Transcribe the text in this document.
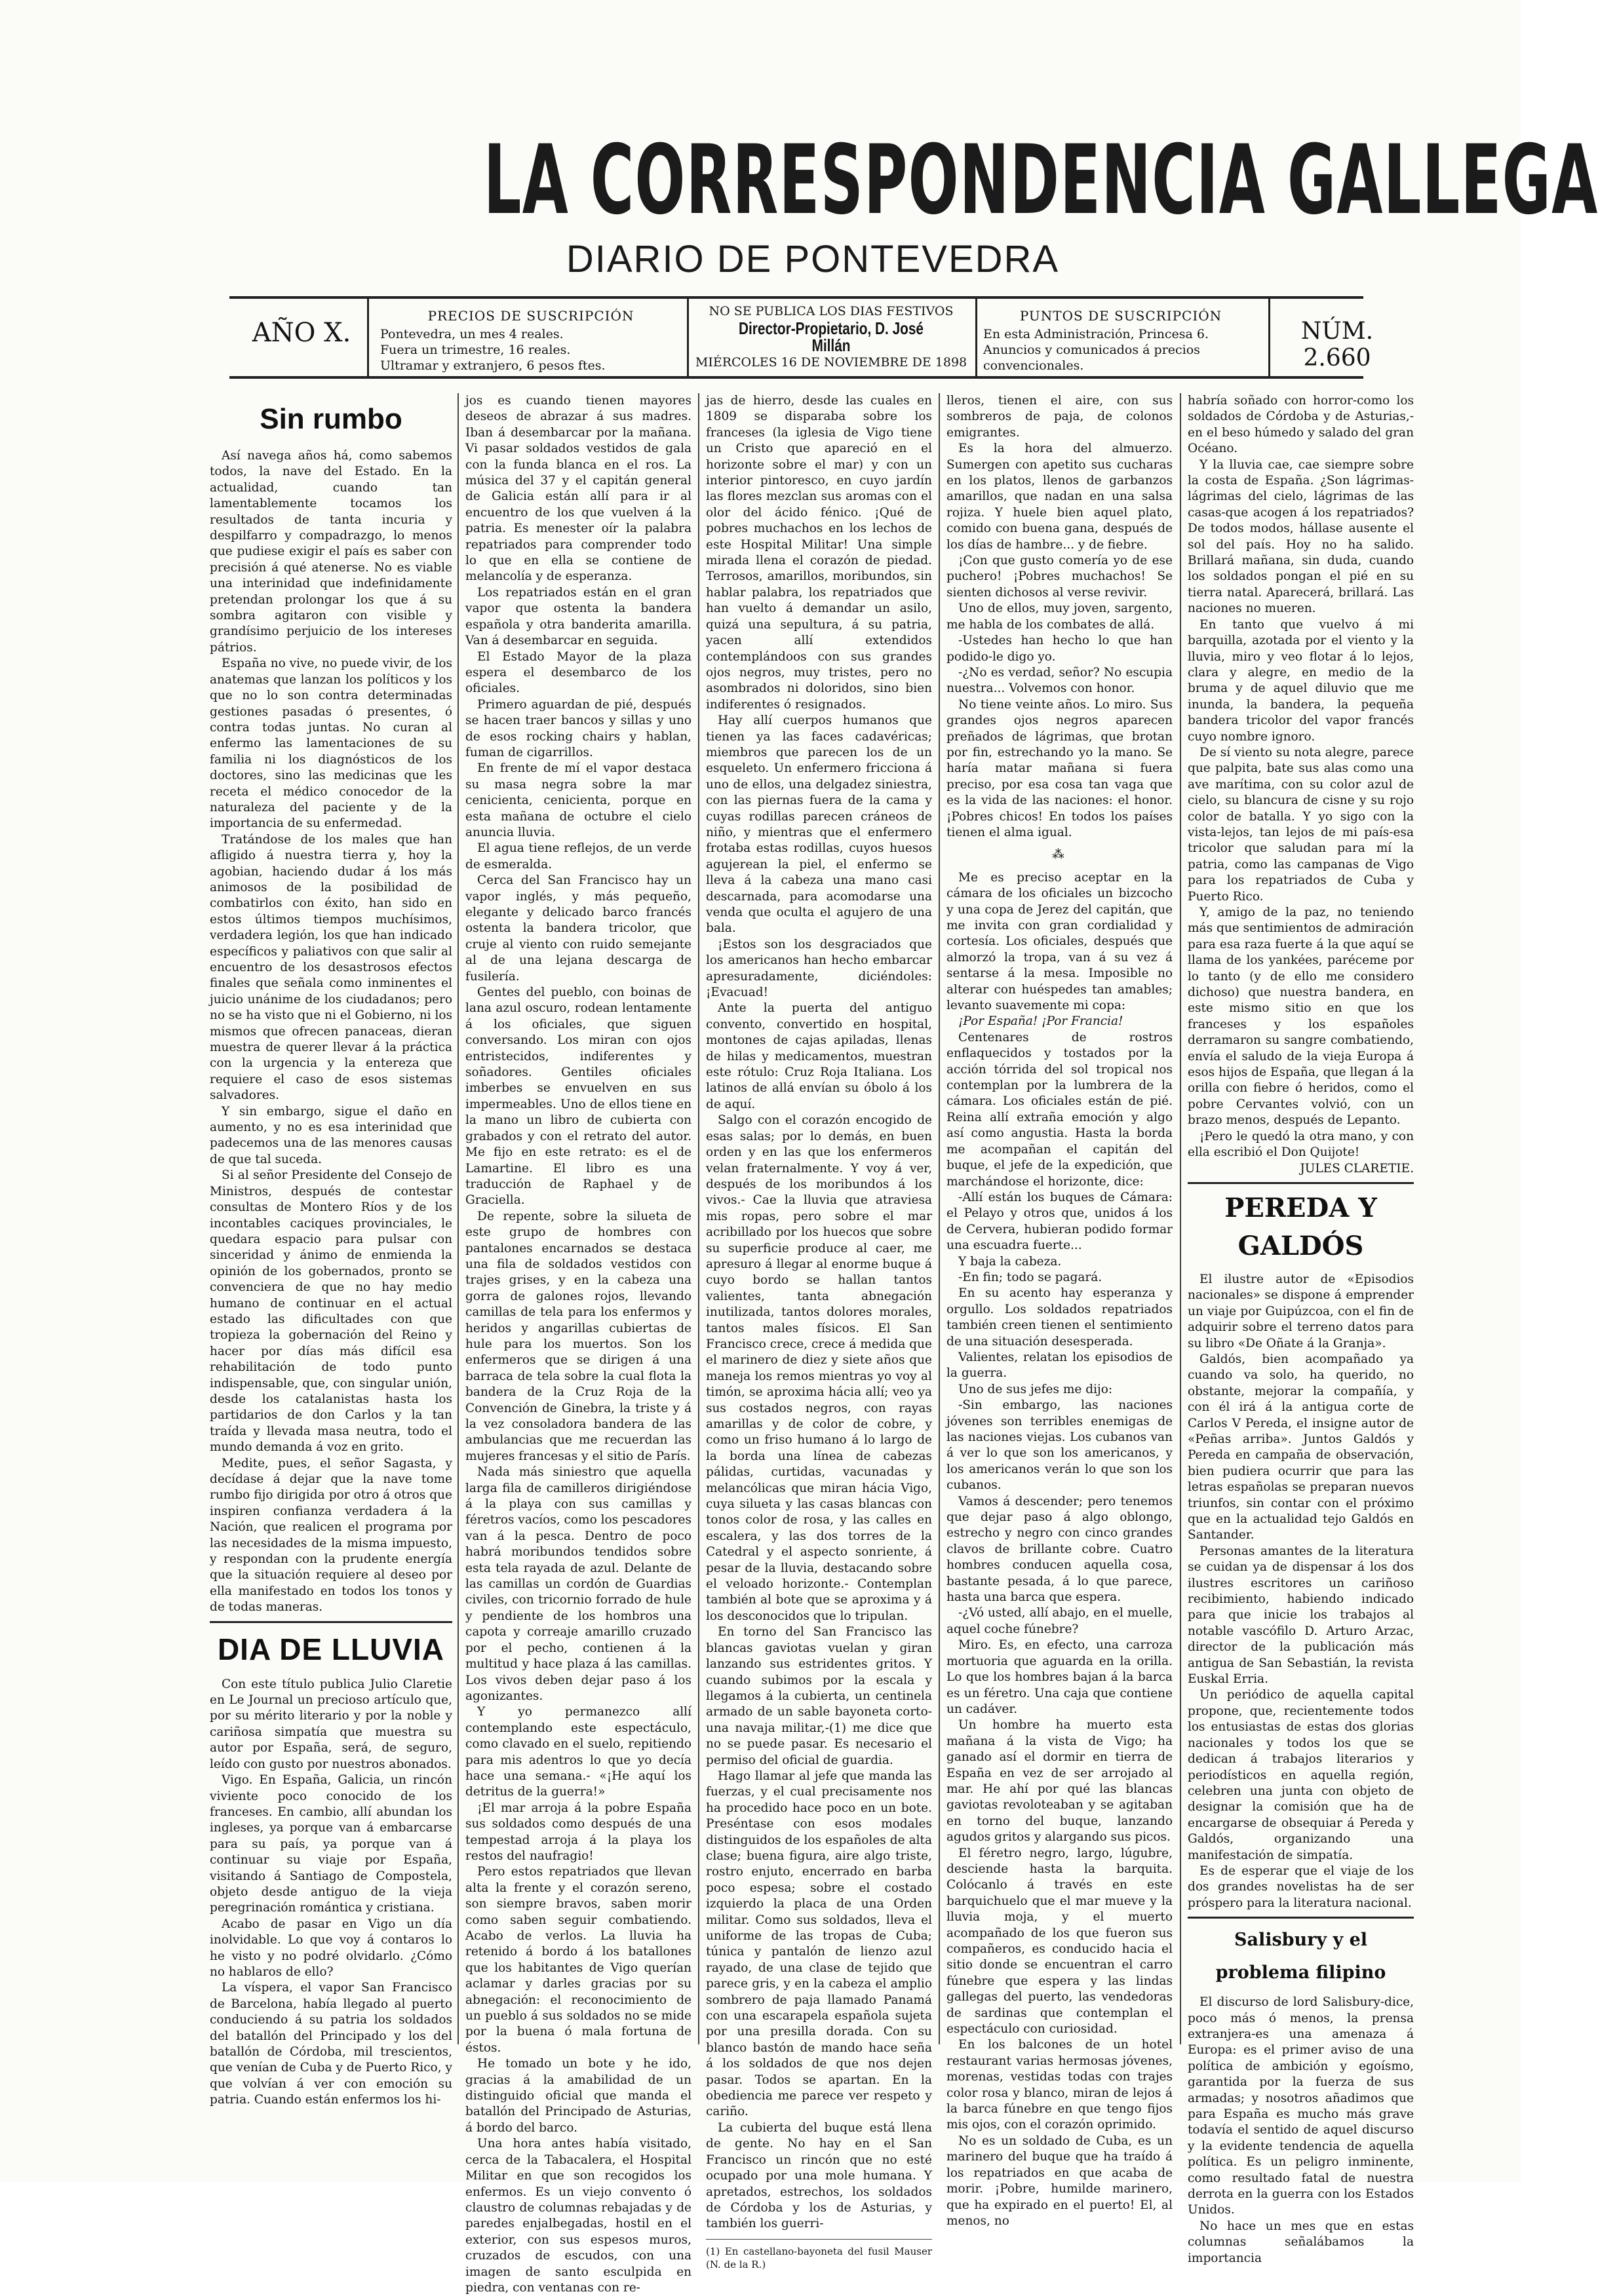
LA CORRESPONDENCIA GALLEGA
DIARIO DE PONTEVEDRA
AÑO X.
PRECIOS DE SUSCRIPCIÓN
Pontevedra, un mes 4 reales.
Fuera un trimestre, 16 reales.
Ultramar y extranjero, 6 pesos ftes.
NO SE PUBLICA LOS DIAS FESTIVOS
Director-Propietario, D. José Millán
MIÉRCOLES 16 DE NOVIEMBRE DE 1898
PUNTOS DE SUSCRIPCIÓN
En esta Administración, Princesa 6.
Anuncios y comunicados á precios convencionales.
NÚM. 2.660
Sin rumbo

Así navega años há, como sabemos todos, la nave del Estado. En la actualidad, cuando tan lamentablemente tocamos los resultados de tanta incuria y despilfarro y compadrazgo, lo menos que pudiese exigir el país es saber con precisión á qué atenerse. No es viable una interinidad que indefinidamente pretendan prolongar los que á su sombra agitaron con visible y grandísimo perjuicio de los intereses pátrios.

España no vive, no puede vivir, de los anatemas que lanzan los políticos y los que no lo son contra determinadas gestiones pasadas ó presentes, ó contra todas juntas. No curan al enfermo las lamentaciones de su familia ni los diagnósticos de los doctores, sino las medicinas que les receta el médico conocedor de la naturaleza del paciente y de la importancia de su enfermedad.

Tratándose de los males que han afligido á nuestra tierra y, hoy la agobian, haciendo dudar á los más animosos de la posibilidad de combatirlos con éxito, han sido en estos últimos tiempos muchísimos, verdadera legión, los que han indicado específicos y paliativos con que salir al encuentro de los desastrosos efectos finales que señala como inminentes el juicio unánime de los ciudadanos; pero no se ha visto que ni el Gobierno, ni los mismos que ofrecen panaceas, dieran muestra de querer llevar á la práctica con la urgencia y la entereza que requiere el caso de esos sistemas salvadores.

Y sin embargo, sigue el daño en aumento, y no es esa interinidad que padecemos una de las menores causas de que tal suceda.

Si al señor Presidente del Consejo de Ministros, después de contestar consultas de Montero Ríos y de los incontables caciques provinciales, le quedara espacio para pulsar con sinceridad y ánimo de enmienda la opinión de los gobernados, pronto se convenciera de que no hay medio humano de continuar en el actual estado las dificultades con que tropieza la gobernación del Reino y hacer por días más difícil esa rehabilitación de todo punto indispensable, que, con singular unión, desde los catalanistas hasta los partidarios de don Carlos y la tan traída y llevada masa neutra, todo el mundo demanda á voz en grito.

Medite, pues, el señor Sagasta, y decídase á dejar que la nave tome rumbo fijo dirigida por otro á otros que inspiren confianza verdadera á la Nación, que realicen el programa por las necesidades de la misma impuesto, y respondan con la prudente energía que la situación requiere al deseo por ella manifestado en todos los tonos y de todas maneras.

DIA DE LLUVIA

Con este título publica Julio Claretie en Le Journal un precioso artículo que, por su mérito literario y por la noble y cariñosa simpatía que muestra su autor por España, será, de seguro, leído con gusto por nuestros abonados.

Vigo. En España, Galicia, un rincón viviente poco conocido de los franceses. En cambio, allí abundan los ingleses, ya porque van á embarcarse para su país, ya porque van á continuar su viaje por España, visitando á Santiago de Compostela, objeto desde antiguo de la vieja peregrinación romántica y cristiana.

Acabo de pasar en Vigo un día inolvidable. Lo que voy á contaros lo he visto y no podré olvidarlo. ¿Cómo no hablaros de ello?

La víspera, el vapor San Francisco de Barcelona, había llegado al puerto conduciendo á su patria los soldados del batallón del Principado y los del batallón de Córdoba, mil trescientos, que venían de Cuba y de Puerto Rico, y que volvían á ver con emoción su patria. Cuando están enfermos los hi-

jos es cuando tienen mayores deseos de abrazar á sus madres. Iban á desembarcar por la mañana. Vi pasar soldados vestidos de gala con la funda blanca en el ros. La música del 37 y el capitán general de Galicia están allí para ir al encuentro de los que vuelven á la patria. Es menester oír la palabra repatriados para comprender todo lo que en ella se contiene de melancolía y de esperanza.

Los repatriados están en el gran vapor que ostenta la bandera española y otra banderita amarilla. Van á desembarcar en seguida.

El Estado Mayor de la plaza espera el desembarco de los oficiales.

Primero aguardan de pié, después se hacen traer bancos y sillas y uno de esos rocking chairs y hablan, fuman de cigarrillos.

En frente de mí el vapor destaca su masa negra sobre la mar cenicienta, cenicienta, porque en esta mañana de octubre el cielo anuncia lluvia.

El agua tiene reflejos, de un verde de esmeralda.

Cerca del San Francisco hay un vapor inglés, y más pequeño, elegante y delicado barco francés ostenta la bandera tricolor, que cruje al viento con ruido semejante al de una lejana descarga de fusilería.

Gentes del pueblo, con boinas de lana azul oscuro, rodean lentamente á los oficiales, que siguen conversando. Los miran con ojos entristecidos, indiferentes y soñadores. Gentiles oficiales imberbes se envuelven en sus impermeables. Uno de ellos tiene en la mano un libro de cubierta con grabados y con el retrato del autor. Me fijo en este retrato: es el de Lamartine. El libro es una traducción de Raphael y de Graciella.

De repente, sobre la silueta de este grupo de hombres con pantalones encarnados se destaca una fila de soldados vestidos con trajes grises, y en la cabeza una gorra de galones rojos, llevando camillas de tela para los enfermos y heridos y angarillas cubiertas de hule para los muertos. Son los enfermeros que se dirigen á una barraca de tela sobre la cual flota la bandera de la Cruz Roja de la Convención de Ginebra, la triste y á la vez consoladora bandera de las ambulancias que me recuerdan las mujeres francesas y el sitio de París.

Nada más siniestro que aquella larga fila de camilleros dirigiéndose á la playa con sus camillas y féretros vacíos, como los pescadores van á la pesca. Dentro de poco habrá moribundos tendidos sobre esta tela rayada de azul. Delante de las camillas un cordón de Guardias civiles, con tricornio forrado de hule y pendiente de los hombros una capota y correaje amarillo cruzado por el pecho, contienen á la multitud y hace plaza á las camillas. Los vivos deben dejar paso á los agonizantes.

Y yo permanezco allí contemplando este espectáculo, como clavado en el suelo, repitiendo para mis adentros lo que yo decía hace una semana.- «¡He aquí los detritus de la guerra!»

¡El mar arroja á la pobre España sus soldados como después de una tempestad arroja á la playa los restos del naufragio!

Pero estos repatriados que llevan alta la frente y el corazón sereno, son siempre bravos, saben morir como saben seguir combatiendo. Acabo de verlos. La lluvia ha retenido á bordo á los batallones que los habitantes de Vigo querían aclamar y darles gracias por su abnegación: el reconocimiento de un pueblo á sus soldados no se mide por la buena ó mala fortuna de éstos.

He tomado un bote y he ido, gracias á la amabilidad de un distinguido oficial que manda el batallón del Principado de Asturias, á bordo del barco.

Una hora antes había visitado, cerca de la Tabacalera, el Hospital Militar en que son recogidos los enfermos. Es un viejo convento ó claustro de columnas rebajadas y de paredes enjalbegadas, hostil en el exterior, con sus espesos muros, cruzados de escudos, con una imagen de santo esculpida en piedra, con ventanas con re-

jas de hierro, desde las cuales en 1809 se disparaba sobre los franceses (la iglesia de Vigo tiene un Cristo que apareció en el horizonte sobre el mar) y con un interior pintoresco, en cuyo jardín las flores mezclan sus aromas con el olor del ácido fénico. ¡Qué de pobres muchachos en los lechos de este Hospital Militar! Una simple mirada llena el corazón de piedad. Terrosos, amarillos, moribundos, sin hablar palabra, los repatriados que han vuelto á demandar un asilo, quizá una sepultura, á su patria, yacen allí extendidos contemplándoos con sus grandes ojos negros, muy tristes, pero no asombrados ni doloridos, sino bien indiferentes ó resignados.

Hay allí cuerpos humanos que tienen ya las faces cadavéricas; miembros que parecen los de un esqueleto. Un enfermero fricciona á uno de ellos, una delgadez siniestra, con las piernas fuera de la cama y cuyas rodillas parecen cráneos de niño, y mientras que el enfermero frotaba estas rodillas, cuyos huesos agujerean la piel, el enfermo se lleva á la cabeza una mano casi descarnada, para acomodarse una venda que oculta el agujero de una bala.

¡Estos son los desgraciados que los americanos han hecho embarcar apresuradamente, diciéndoles: ¡Evacuad!

Ante la puerta del antiguo convento, convertido en hospital, montones de cajas apiladas, llenas de hilas y medicamentos, muestran este rótulo: Cruz Roja Italiana. Los latinos de allá envían su óbolo á los de aquí.

Salgo con el corazón encogido de esas salas; por lo demás, en buen orden y en las que los enfermeros velan fraternalmente. Y voy á ver, después de los moribundos á los vivos.- Cae la lluvia que atraviesa mis ropas, pero sobre el mar acribillado por los huecos que sobre su superficie produce al caer, me apresuro á llegar al enorme buque á cuyo bordo se hallan tantos valientes, tanta abnegación inutilizada, tantos dolores morales, tantos males físicos. El San Francisco crece, crece á medida que el marinero de diez y siete años que maneja los remos mientras yo voy al timón, se aproxima hácia allí; veo ya sus costados negros, con rayas amarillas y de color de cobre, y como un friso humano á lo largo de la borda una línea de cabezas pálidas, curtidas, vacunadas y melancólicas que miran hácia Vigo, cuya silueta y las casas blancas con tonos color de rosa, y las calles en escalera, y las dos torres de la Catedral y el aspecto sonriente, á pesar de la lluvia, destacando sobre el veloado horizonte.- Contemplan también al bote que se aproxima y á los desconocidos que lo tripulan.

En torno del San Francisco las blancas gaviotas vuelan y giran lanzando sus estridentes gritos. Y cuando subimos por la escala y llegamos á la cubierta, un centinela armado de un sable bayoneta corto-una navaja militar,-(1) me dice que no se puede pasar. Es necesario el permiso del oficial de guardia.

Hago llamar al jefe que manda las fuerzas, y el cual precisamente nos ha procedido hace poco en un bote. Preséntase con esos modales distinguidos de los españoles de alta clase; buena figura, aire algo triste, rostro enjuto, encerrado en barba poco espesa; sobre el costado izquierdo la placa de una Orden militar. Como sus soldados, lleva el uniforme de las tropas de Cuba; túnica y pantalón de lienzo azul rayado, de una clase de tejido que parece gris, y en la cabeza el amplio sombrero de paja llamado Panamá con una escarapela española sujeta por una presilla dorada. Con su blanco bastón de mando hace seña á los soldados de que nos dejen pasar. Todos se apartan. En la obediencia me parece ver respeto y cariño.

La cubierta del buque está llena de gente. No hay en el San Francisco un rincón que no esté ocupado por una mole humana. Y apretados, estrechos, los soldados de Córdoba y los de Asturias, y también los guerri-

(1) En castellano-bayoneta del fusil Mauser (N. de la R.)

lleros, tienen el aire, con sus sombreros de paja, de colonos emigrantes.

Es la hora del almuerzo. Sumergen con apetito sus cucharas en los platos, llenos de garbanzos amarillos, que nadan en una salsa rojiza. Y huele bien aquel plato, comido con buena gana, después de los días de hambre... y de fiebre.

¡Con que gusto comería yo de ese puchero! ¡Pobres muchachos! Se sienten dichosos al verse revivir.

Uno de ellos, muy joven, sargento, me habla de los combates de allá.

-Ustedes han hecho lo que han podido-le digo yo.

-¿No es verdad, señor? No escupia nuestra... Volvemos con honor.

No tiene veinte años. Lo miro. Sus grandes ojos negros aparecen preñados de lágrimas, que brotan por fin, estrechando yo la mano. Se haría matar mañana si fuera preciso, por esa cosa tan vaga que es la vida de las naciones: el honor. ¡Pobres chicos! En todos los países tienen el alma igual.

⁂

Me es preciso aceptar en la cámara de los oficiales un bizcocho y una copa de Jerez del capitán, que me invita con gran cordialidad y cortesía. Los oficiales, después que almorzó la tropa, van á su vez á sentarse á la mesa. Imposible no alterar con huéspedes tan amables; levanto suavemente mi copa:

¡Por España! ¡Por Francia!

Centenares de rostros enflaquecidos y tostados por la acción tórrida del sol tropical nos contemplan por la lumbrera de la cámara. Los oficiales están de pié. Reina allí extraña emoción y algo así como angustia. Hasta la borda me acompañan el capitán del buque, el jefe de la expedición, que marchándose el horizonte, dice:

-Allí están los buques de Cámara: el Pelayo y otros que, unidos á los de Cervera, hubieran podido formar una escuadra fuerte...

Y baja la cabeza.

-En fin; todo se pagará.

En su acento hay esperanza y orgullo. Los soldados repatriados también creen tienen el sentimiento de una situación desesperada.

Valientes, relatan los episodios de la guerra.

Uno de sus jefes me dijo:

-Sin embargo, las naciones jóvenes son terribles enemigas de las naciones viejas. Los cubanos van á ver lo que son los americanos, y los americanos verán lo que son los cubanos.

Vamos á descender; pero tenemos que dejar paso á algo oblongo, estrecho y negro con cinco grandes clavos de brillante cobre. Cuatro hombres conducen aquella cosa, bastante pesada, á lo que parece, hasta una barca que espera.

-¿Vó usted, allí abajo, en el muelle, aquel coche fúnebre?

Miro. Es, en efecto, una carroza mortuoria que aguarda en la orilla. Lo que los hombres bajan á la barca es un féretro. Una caja que contiene un cadáver.

Un hombre ha muerto esta mañana á la vista de Vigo; ha ganado así el dormir en tierra de España en vez de ser arrojado al mar. He ahí por qué las blancas gaviotas revoloteaban y se agitaban en torno del buque, lanzando agudos gritos y alargando sus picos.

El féretro negro, largo, lúgubre, desciende hasta la barquita. Colócanlo á través en este barquichuelo que el mar mueve y la lluvia moja, y el muerto acompañado de los que fueron sus compañeros, es conducido hacia el sitio donde se encuentran el carro fúnebre que espera y las lindas gallegas del puerto, las vendedoras de sardinas que contemplan el espectáculo con curiosidad.

En los balcones de un hotel restaurant varias hermosas jóvenes, morenas, vestidas todas con trajes color rosa y blanco, miran de lejos á la barca fúnebre en que tengo fijos mis ojos, con el corazón oprimido.

No es un soldado de Cuba, es un marinero del buque que ha traído á los repatriados en que acaba de morir. ¡Pobre, humilde marinero, que ha expirado en el puerto! El, al menos, no

habría soñado con horror-como los soldados de Córdoba y de Asturias,- en el beso húmedo y salado del gran Océano.

Y la lluvia cae, cae siempre sobre la costa de España. ¿Son lágrimas- lágrimas del cielo, lágrimas de las casas-que acogen á los repatriados? De todos modos, hállase ausente el sol del país. Hoy no ha salido. Brillará mañana, sin duda, cuando los soldados pongan el pié en su tierra natal. Aparecerá, brillará. Las naciones no mueren.

En tanto que vuelvo á mi barquilla, azotada por el viento y la lluvia, miro y veo flotar á lo lejos, clara y alegre, en medio de la bruma y de aquel diluvio que me inunda, la bandera, la pequeña bandera tricolor del vapor francés cuyo nombre ignoro.

De sí viento su nota alegre, parece que palpita, bate sus alas como una ave marítima, con su color azul de cielo, su blancura de cisne y su rojo color de batalla. Y yo sigo con la vista-lejos, tan lejos de mi país-esa tricolor que saludan para mí la patria, como las campanas de Vigo para los repatriados de Cuba y Puerto Rico.

Y, amigo de la paz, no teniendo más que sentimientos de admiración para esa raza fuerte á la que aquí se llama de los yankées, paréceme por lo tanto (y de ello me considero dichoso) que nuestra bandera, en este mismo sitio en que los franceses y los españoles derramaron su sangre combatiendo, envía el saludo de la vieja Europa á esos hijos de España, que llegan á la orilla con fiebre ó heridos, como el pobre Cervantes volvió, con un brazo menos, después de Lepanto.

¡Pero le quedó la otra mano, y con ella escribió el Don Quijote!

JULES CLARETIE.
PEREDA Y GALDÓS

El ilustre autor de «Episodios nacionales» se dispone á emprender un viaje por Guipúzcoa, con el fin de adquirir sobre el terreno datos para su libro «De Oñate á la Granja».

Galdós, bien acompañado ya cuando va solo, ha querido, no obstante, mejorar la compañía, y con él irá á la antigua corte de Carlos V Pereda, el insigne autor de «Peñas arriba». Juntos Galdós y Pereda en campaña de observación, bien pudiera ocurrir que para las letras españolas se preparan nuevos triunfos, sin contar con el próximo que en la actualidad tejo Galdós en Santander.

Personas amantes de la literatura se cuidan ya de dispensar á los dos ilustres escritores un cariñoso recibimiento, habiendo indicado para que inicie los trabajos al notable vascófilo D. Arturo Arzac, director de la publicación más antigua de San Sebastián, la revista Euskal Erria.

Un periódico de aquella capital propone, que, recientemente todos los entusiastas de estas dos glorias nacionales y todos los que se dedican á trabajos literarios y periodísticos en aquella región, celebren una junta con objeto de designar la comisión que ha de encargarse de obsequiar á Pereda y Galdós, organizando una manifestación de simpatía.

Es de esperar que el viaje de los dos grandes novelistas ha de ser próspero para la literatura nacional.

Salisbury y el problema filipino

El discurso de lord Salisbury-dice, poco más ó menos, la prensa extranjera-es una amenaza á Europa: es el primer aviso de una política de ambición y egoísmo, garantida por la fuerza de sus armadas; y nosotros añadimos que para España es mucho más grave todavía el sentido de aquel discurso y la evidente tendencia de aquella política. Es un peligro inminente, como resultado fatal de nuestra derrota en la guerra con los Estados Unidos.

No hace un mes que en estas columnas señalábamos la importancia
